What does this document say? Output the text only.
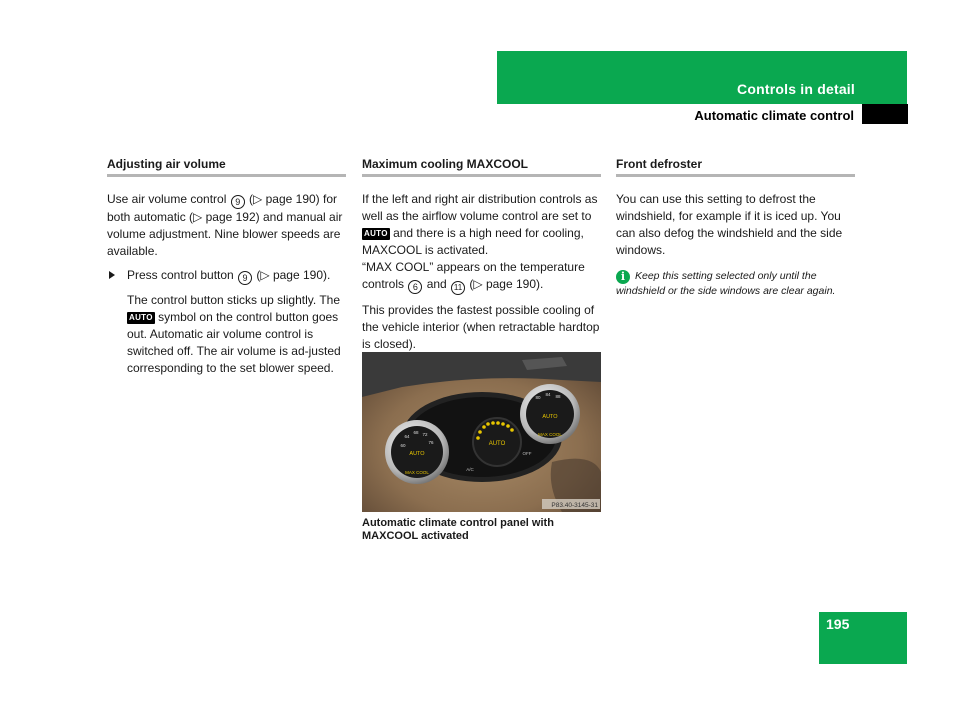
Controls in detail
Automatic climate control
Adjusting air volume

Use air volume control 9 (▷ page 190) for both automatic (▷ page 192) and manual air volume adjustment. Nine blower speeds are available.

Press control button 9 (▷ page 190).

The control button sticks up slightly. The AUTO symbol on the control button goes out. Automatic air volume control is switched off. The air volume is ad-justed corresponding to the set blower speed.

Maximum cooling MAXCOOL

If the left and right air distribution controls as well as the airflow volume control are set to AUTO and there is a high need for cooling, MAXCOOL is activated.
“MAX COOL” appears on the temperature controls 6 and 11 (▷ page 190).

This provides the fastest possible cooling of the vehicle interior (when retractable hardtop is closed).

AUTO
AUTO
MAX COOL
AUTO
MAX COOL
60
64
68 72
76
80
84 88
A/C
OFF
P83.40-3145-31
Automatic climate control panel with MAXCOOL activated
Front defroster

You can use this setting to defrost the windshield, for example if it is iced up. You can also defog the windshield and the side windows.

i Keep this setting selected only until the windshield or the side windows are clear again.
195
